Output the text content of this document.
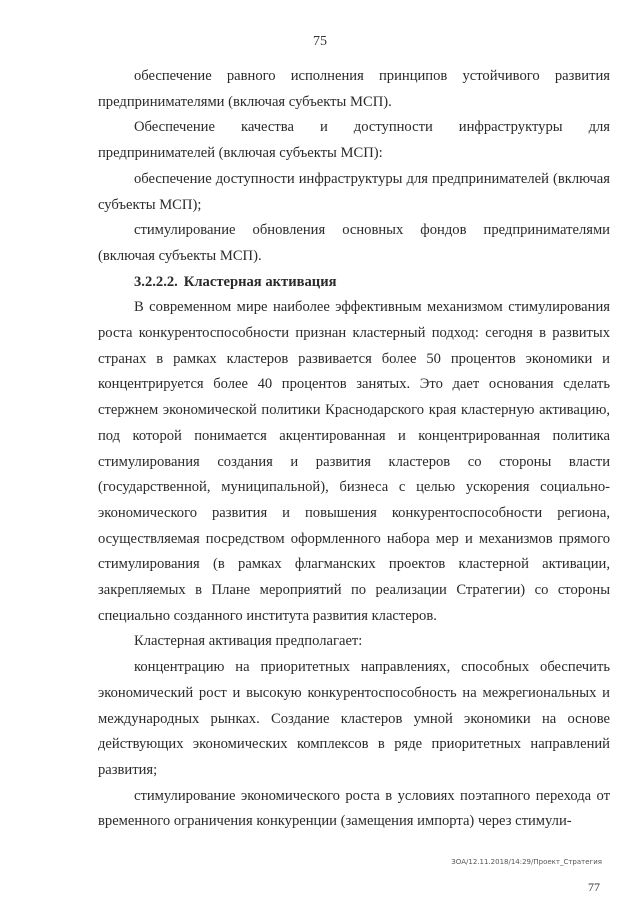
75

обеспечение равного исполнения принципов устойчивого развития предпринимателями (включая субъекты МСП).

Обеспечение качества и доступности инфраструктуры для предпринимателей (включая субъекты МСП):

обеспечение доступности инфраструктуры для предпринимателей (включая субъекты МСП);

стимулирование обновления основных фондов предпринимателями (включая субъекты МСП).

3.2.2.2. Кластерная активация

В современном мире наиболее эффективным механизмом стимулирования роста конкурентоспособности признан кластерный подход: сегодня в развитых странах в рамках кластеров развивается более 50 процентов экономики и концентрируется более 40 процентов занятых. Это дает основания сделать стержнем экономической политики Краснодарского края кластерную активацию, под которой понимается акцентированная и концентрированная политика стимулирования создания и развития кластеров со стороны власти (государственной, муниципальной), бизнеса с целью ускорения социально-экономического развития и повышения конкурентоспособности региона, осуществляемая посредством оформленного набора мер и механизмов прямого стимулирования (в рамках флагманских проектов кластерной активации, закрепляемых в Плане мероприятий по реализации Стратегии) со стороны специально созданного института развития кластеров.

Кластерная активация предполагает:

концентрацию на приоритетных направлениях, способных обеспечить экономический рост и высокую конкурентоспособность на межрегиональных и международных рынках. Создание кластеров умной экономики на основе действующих экономических комплексов в ряде приоритетных направлений развития;

стимулирование экономического роста в условиях поэтапного перехода от временного ограничения конкуренции (замещения импорта) через стимули-

ЗОА/12.11.2018/14:29/Проект_Стратегия
77
